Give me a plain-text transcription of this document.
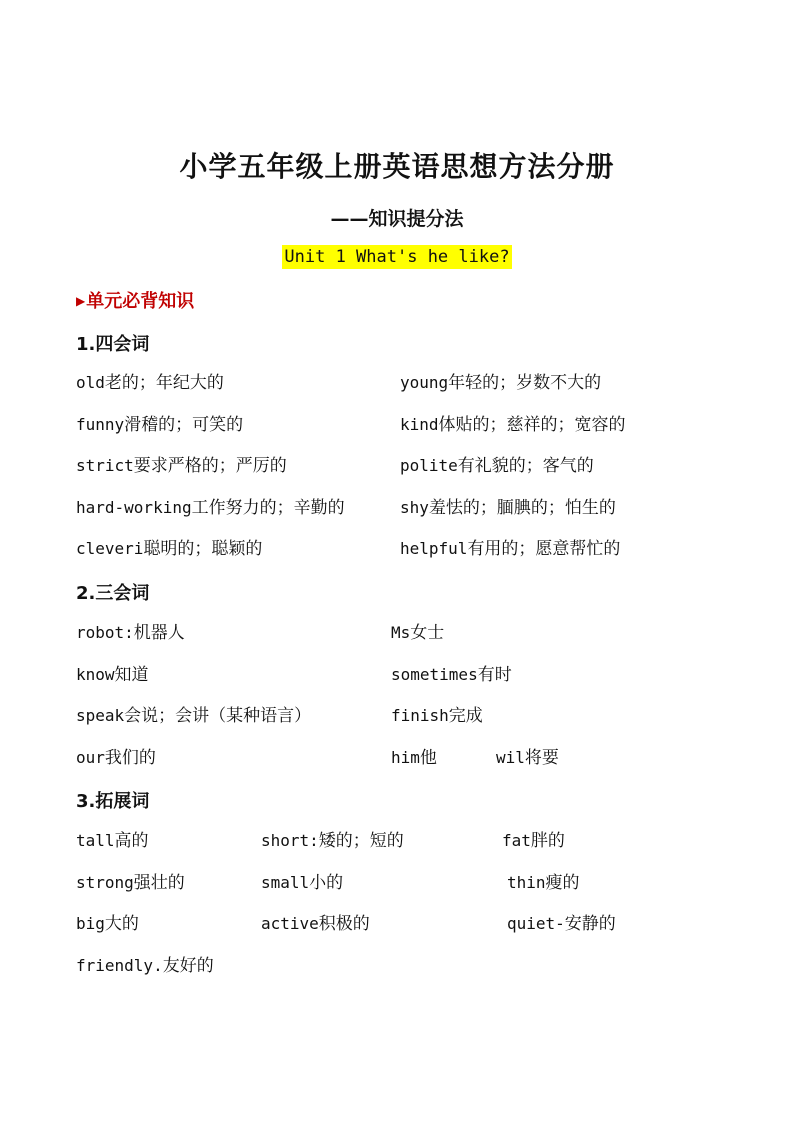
小学五年级上册英语思想方法分册
——知识提分法
Unit 1 What's he like?
▶单元必背知识
1.四会词
old老的；年纪大的	young年轻的；岁数不大的
funny滑稽的；可笑的	kind体贴的；慈祥的；宽容的
strict要求严格的；严厉的	polite有礼貌的；客气的
hard-working工作努力的；辛勤的	shy羞怯的；腼腆的；怕生的
cleveri聪明的；聪颖的	helpful有用的；愿意帮忙的
2.三会词
robot:机器人	Ms女士
know知道	sometimes有时
speak会说；会讲（某种语言）	finish完成
our我们的	him他	wil将要
3.拓展词
tall高的	short:矮的；短的	fat胖的
strong强壮的	small小的	thin瘦的
big大的	active积极的	quiet-安静的
friendly.友好的
